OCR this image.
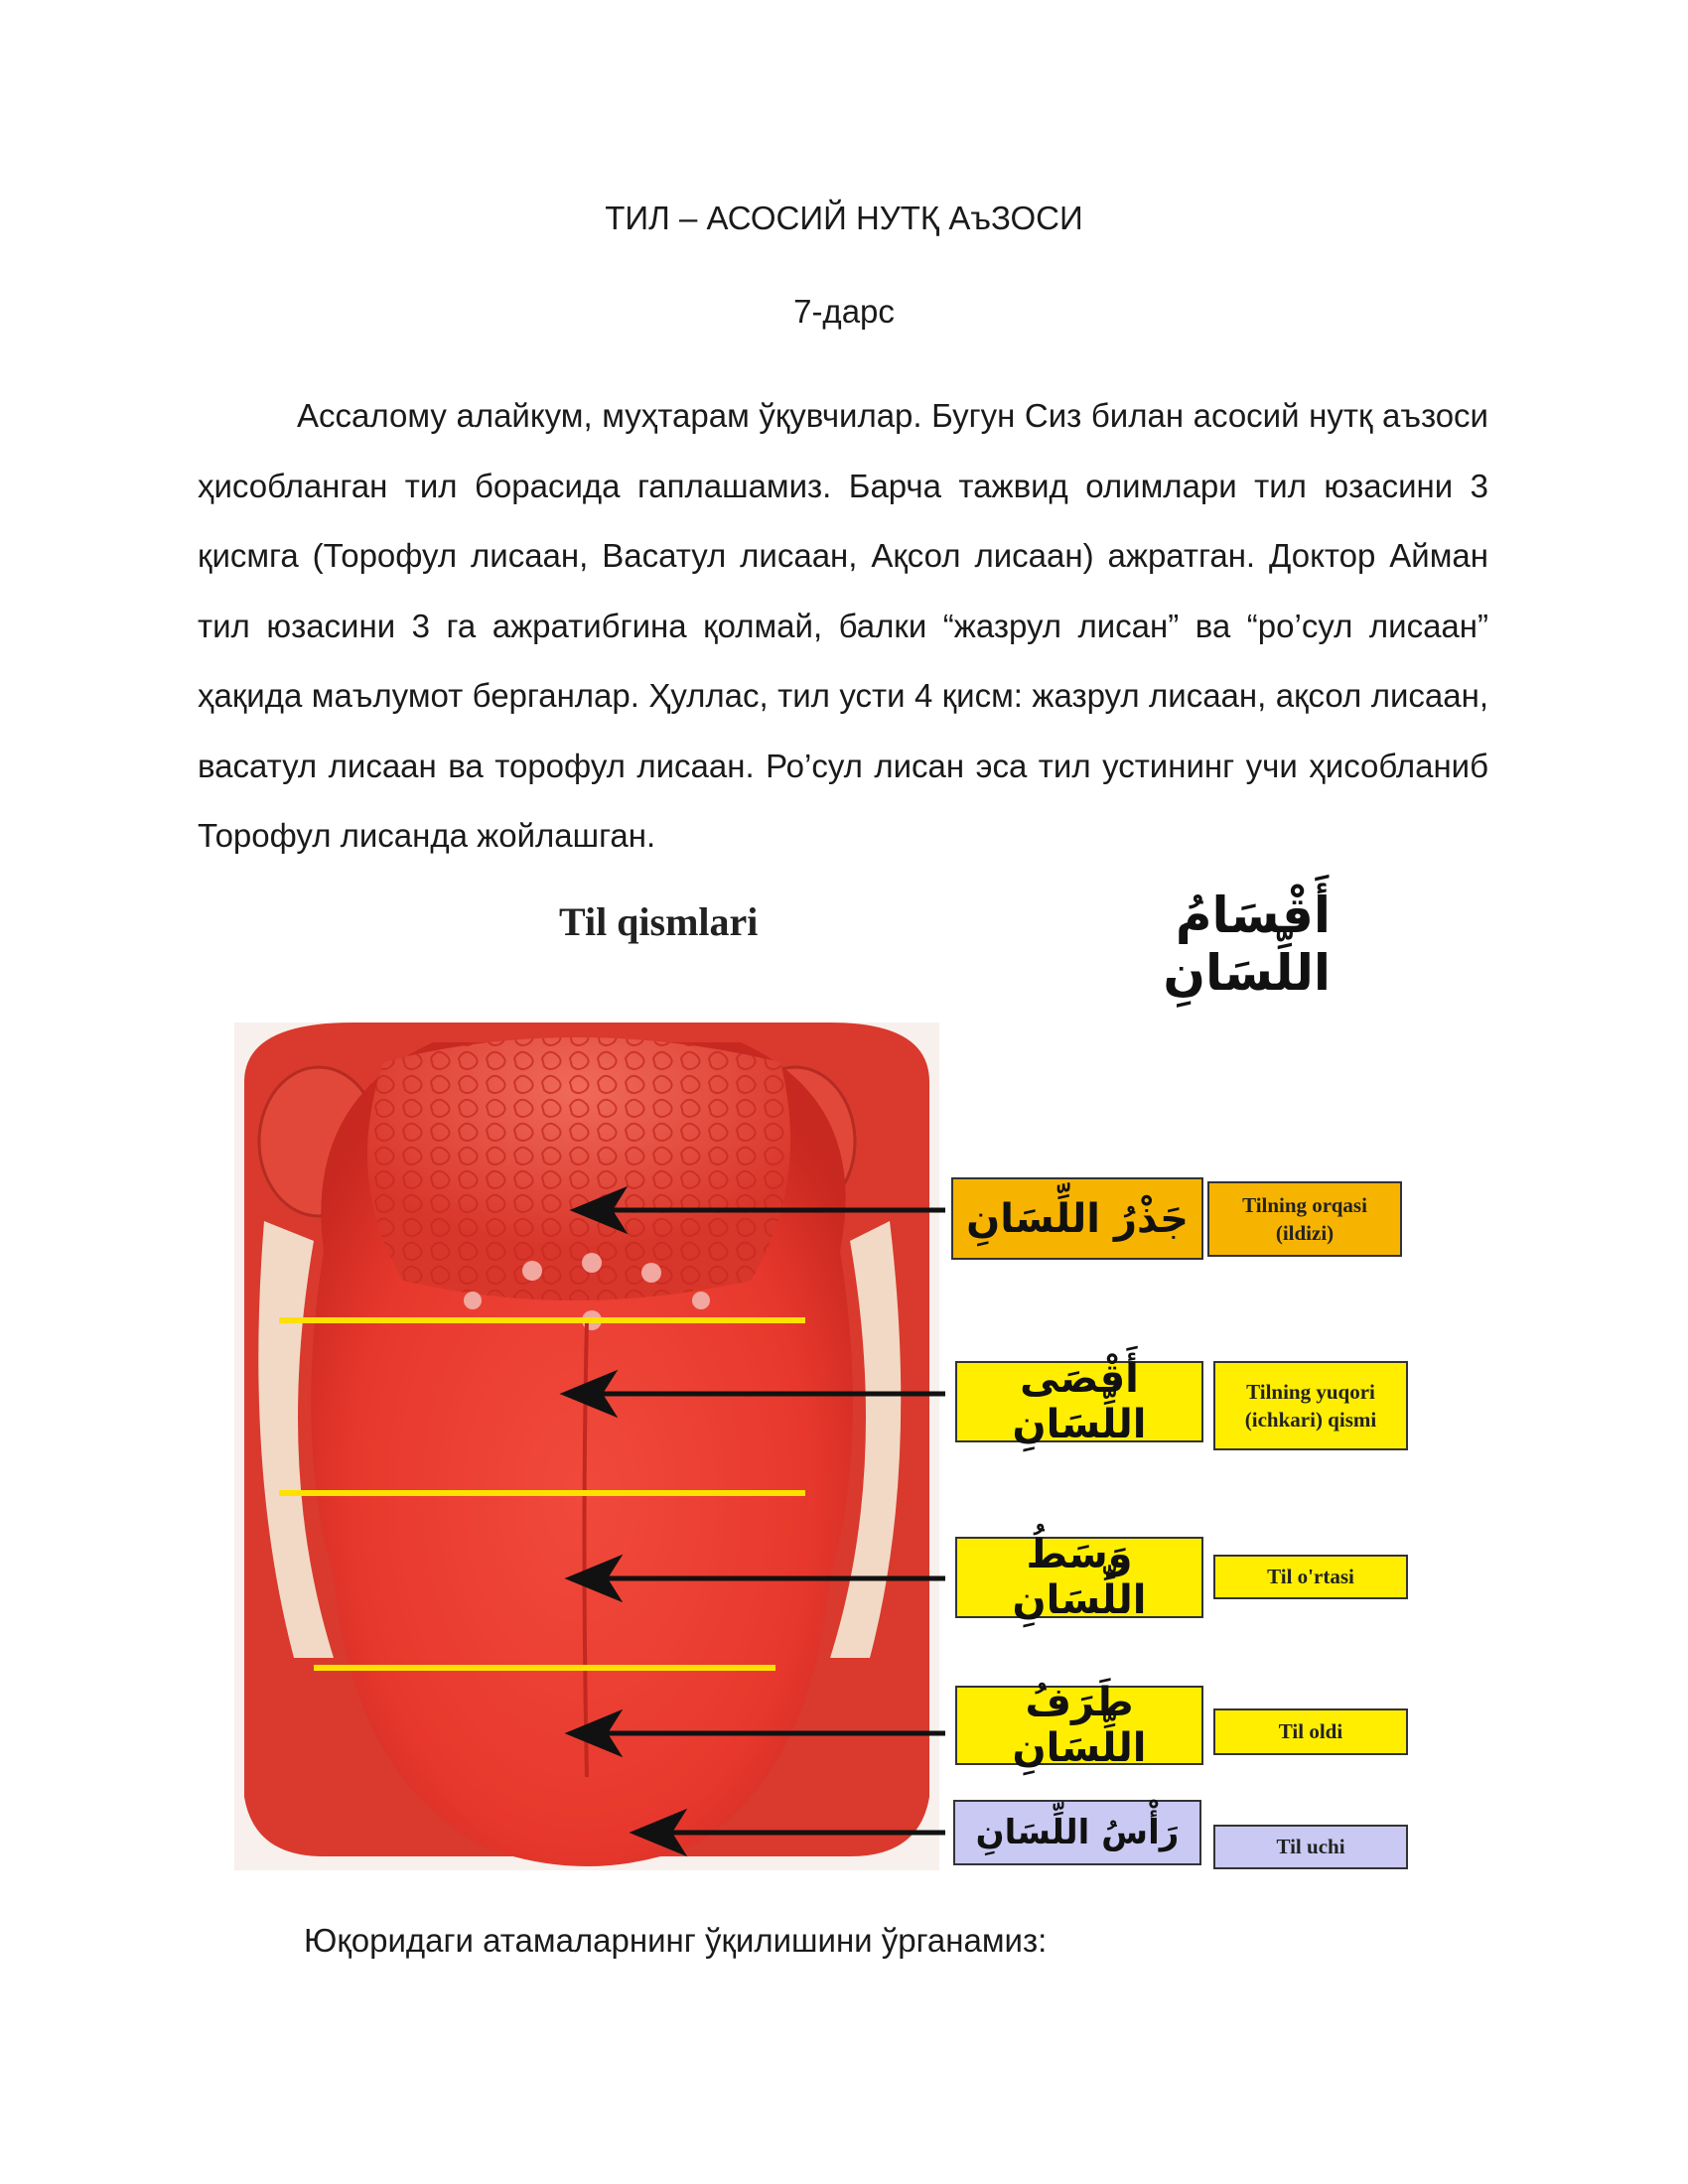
ТИЛ – АСОСИЙ НУТҚ АъЗОСИ
7-дарс

Ассалому алайкум, муҳтарам ўқувчилар. Бугун Сиз билан асосий нутқ аъзоси ҳисобланган тил борасида гаплашамиз. Барча тажвид олимлари тил юзасини 3 қисмга (Торофул лисаан, Васатул лисаан, Ақсол лисаан) ажратган. Доктор Айман тил юзасини 3 га ажратибгина қолмай, балки “жазрул лисан” ва “ро’сул лисаан” ҳақида маълумот берганлар. Ҳуллас, тил усти 4 қисм: жазрул лисаан, ақсол лисаан, васатул лисаан ва торофул лисаан. Ро’сул лисан эса тил устининг учи ҳисобланиб Торофул лисанда жойлашган.

Til qismlari	أَقْسَامُ اللِّسَانِ
جَذْرُ اللِّسَانِ
أَقْصَى اللِّسَانِ
وَسَطُ اللِّسَانِ
طَرَفُ اللِّسَانِ
رَأْسُ اللِّسَانِ
Tilning orqasi
(ildizi)
Tilning yuqori
(ichkari) qismi
Til o'rtasi
Til oldi
Til uchi
Юқоридаги атамаларнинг ўқилишини ўрганамиз:
